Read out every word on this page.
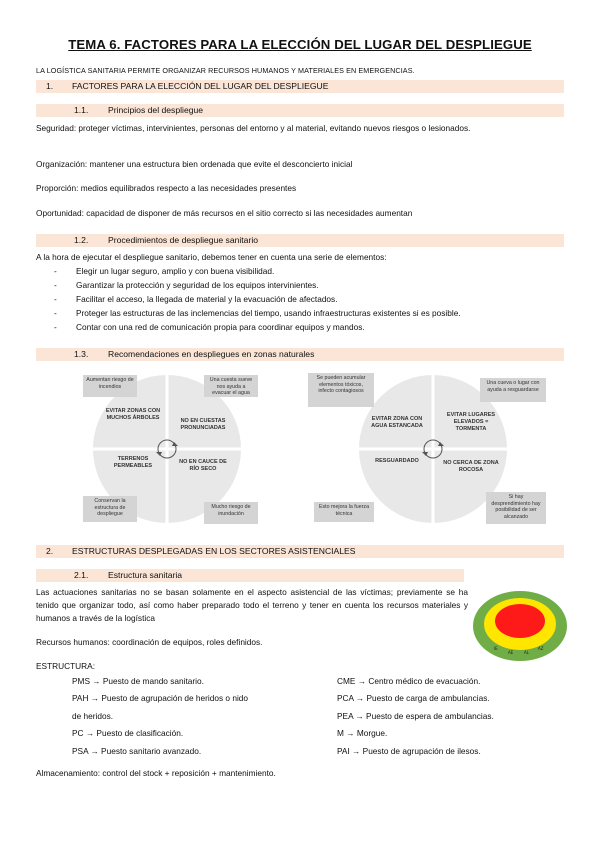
TEMA 6. FACTORES PARA LA ELECCIÓN DEL LUGAR DEL DESPLIEGUE
LA LOGÍSTICA SANITARIA PERMITE ORGANIZAR RECURSOS HUMANOS Y MATERIALES EN EMERGENCIAS.
1. FACTORES PARA LA ELECCIÓN DEL LUGAR DEL DESPLIEGUE
1.1. Principios del despliegue
Seguridad: proteger víctimas, intervinientes, personas del entorno y al material, evitando nuevos riesgos o lesionados.
Organización: mantener una estructura bien ordenada que evite el desconcierto inicial
Proporción: medios equilibrados respecto a las necesidades presentes
Oportunidad: capacidad de disponer de más recursos en el sitio correcto si las necesidades aumentan
1.2. Procedimientos de despliegue sanitario
A la hora de ejecutar el despliegue sanitario, debemos tener en cuenta una serie de elementos:
- Elegir un lugar seguro, amplio y con buena visibilidad.
- Garantizar la protección y seguridad de los equipos intervinientes.
- Facilitar el acceso, la llegada de material y la evacuación de afectados.
- Proteger las estructuras de las inclemencias del tiempo, usando infraestructuras existentes si es posible.
- Contar con una red de comunicación propia para coordinar equipos y mandos.
1.3. Recomendaciones en despliegues en zonas naturales
EVITAR ZONAS CON MUCHOS ÁRBOLES	NO EN CUESTAS PRONUNCIADAS
TERRENOS PERMEABLES
NO EN CAUCE DE RÍO SECO
Aumentan riesgo de incendios
Una cuesta sueve nos ayuda a evacuar el agua
Conservan la estructura de despliegue
Mucho riesgo de inundación
EVITAR ZONA CON AGUA ESTANCADA
EVITAR LUGARES ELEVADOS = TORMENTA
RESGUARDADO	NO CERCA DE ZONA ROCOSA
Se pueden acumular elementos tóxicos, infecto contagiosos
Una cueva o lugar con ayuda a resguardarse
Esto mejora la fuerza técnica
Si hay desprendimiento hay posibilidad de ser alcanzado
2. ESTRUCTURAS DESPLEGADAS EN LOS SECTORES ASISTENCIALES
2.1. Estructura sanitaria
Las actuaciones sanitarias no se basan solamente en el aspecto asistencial de las víctimas; previamente se ha tenido que organizar todo, así como haber preparado todo el terreno y tener en cuenta los recursos materiales y humanos a través de la logística
IE
AE	AL
AZ
Recursos humanos: coordinación de equipos, roles definidos.
ESTRUCTURA:
PMS → Puesto de mando sanitario.
PAH → Puesto de agrupación de heridos o nido
de heridos.
PC → Puesto de clasificación.
PSA → Puesto sanitario avanzado.
CME → Centro médico de evacuación.
PCA → Puesto de carga de ambulancias.
PEA → Puesto de espera de ambulancias.
M → Morgue.
PAI → Puesto de agrupación de ilesos.
Almacenamiento: control del stock + reposición + mantenimiento.
